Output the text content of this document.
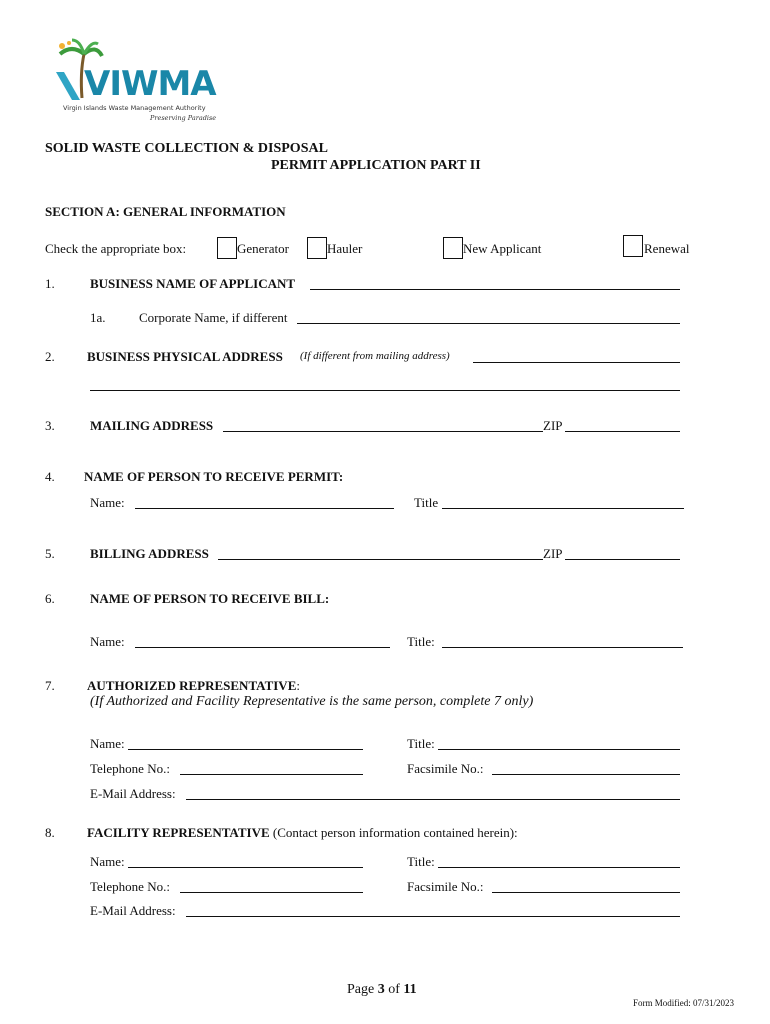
VIWMA
Virgin Islands Waste Management Authority
Preserving Paradise
SOLID WASTE COLLECTION & DISPOSAL
PERMIT APPLICATION PART II
SECTION A: GENERAL INFORMATION
Check the appropriate box:	Generator	Hauler	New Applicant	Renewal
1.	BUSINESS NAME OF APPLICANT
1a.	Corporate Name, if different
2. BUSINESS PHYSICAL ADDRESS (If different from mailing address)
3.	MAILING ADDRESS	ZIP
4. NAME OF PERSON TO RECEIVE PERMIT:
Name:	Title
5.	BILLING ADDRESS	ZIP
6.	NAME OF PERSON TO RECEIVE BILL:
Name:	Title:
7. AUTHORIZED REPRESENTATIVE:
(If Authorized and Facility Representative is the same person, complete 7 only)
Name:	Title:
Telephone No.:	Facsimile No.:
E-Mail Address:
8. FACILITY REPRESENTATIVE (Contact person information contained herein):
Name:	Title:
Telephone No.:	Facsimile No.:
E-Mail Address:
Page 3 of 11
Form Modified: 07/31/2023
